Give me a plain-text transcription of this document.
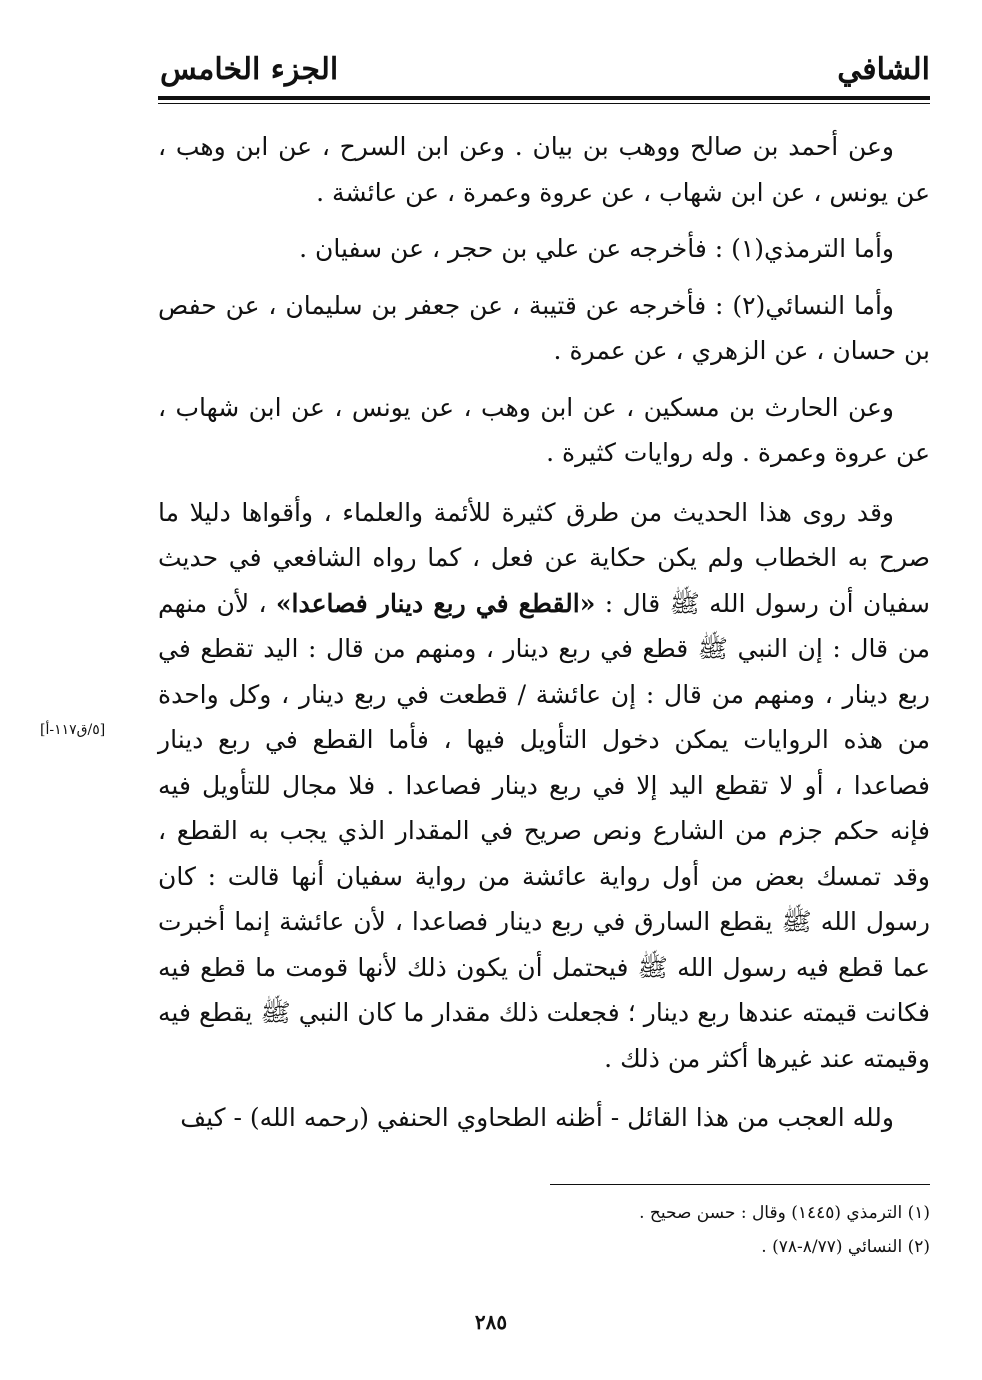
الشافي
الجزء الخامس

وعن أحمد بن صالح ووهب بن بيان . وعن ابن السرح ، عن ابن وهب ، عن يونس ، عن ابن شهاب ، عن عروة وعمرة ، عن عائشة .

وأما الترمذي(١) : فأخرجه عن علي بن حجر ، عن سفيان .

وأما النسائي(٢) : فأخرجه عن قتيبة ، عن جعفر بن سليمان ، عن حفص بن حسان ، عن الزهري ، عن عمرة .

وعن الحارث بن مسكين ، عن ابن وهب ، عن يونس ، عن ابن شهاب ، عن عروة وعمرة . وله روايات كثيرة .

وقد روى هذا الحديث من طرق كثيرة للأئمة والعلماء ، وأقواها دليلا ما صرح به الخطاب ولم يكن حكاية عن فعل ، كما رواه الشافعي في حديث سفيان أن رسول الله ﷺ قال : «القطع في ربع دينار فصاعدا» ، لأن منهم من قال : إن النبي ﷺ قطع في ربع دينار ، ومنهم من قال : اليد تقطع في ربع دينار ، ومنهم من قال : إن عائشة / قطعت في ربع دينار ، وكل واحدة من هذه الروايات يمكن دخول التأويل فيها ، فأما القطع في ربع دينار فصاعدا ، أو لا تقطع اليد إلا في ربع دينار فصاعدا . فلا مجال للتأويل فيه فإنه حكم جزم من الشارع ونص صريح في المقدار الذي يجب به القطع ، وقد تمسك بعض من أول رواية عائشة من رواية سفيان أنها قالت : كان رسول الله ﷺ يقطع السارق في ربع دينار فصاعدا ، لأن عائشة إنما أخبرت عما قطع فيه رسول الله ﷺ فيحتمل أن يكون ذلك لأنها قومت ما قطع فيه فكانت قيمته عندها ربع دينار ؛ فجعلت ذلك مقدار ما كان النبي ﷺ يقطع فيه وقيمته عند غيرها أكثر من ذلك .

ولله العجب من هذا القائل - أظنه الطحاوي الحنفي (رحمه الله) - كيف

[٥/ق١١٧-أ]
(١) الترمذي (١٤٤٥) وقال : حسن صحيح .
(٢) النسائي (٨/٧٧-٧٨) .
٢٨٥
